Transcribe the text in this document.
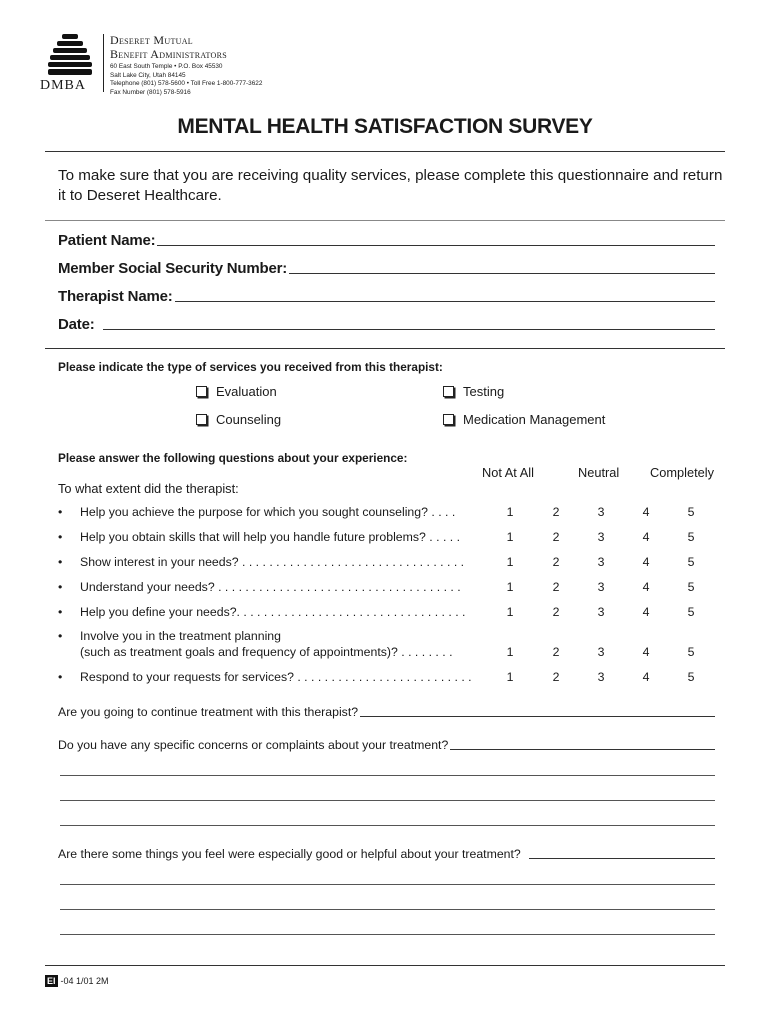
DMBA
Deseret Mutual
Benefit Administrators
60 East South Temple • P.O. Box 45530
Salt Lake City, Utah 84145
Telephone (801) 578-5600 • Toll Free 1-800-777-3622
Fax Number (801) 578-5916
MENTAL HEALTH SATISFACTION SURVEY
To make sure that you are receiving quality services, please complete this questionnaire and return it to Deseret Healthcare.
Patient Name:
Member Social Security Number:
Therapist Name:
Date:
Please indicate the type of services you received from this therapist:
Evaluation	Testing
Counseling	Medication Management
Please answer the following questions about your experience:
Not At All	Neutral Completely
To what extent did the therapist:
• Help you achieve the purpose for which you sought counseling? . . . .	1	2	3	4	5
• Help you obtain skills that will help you handle future problems? . . . . .	1	2	3	4	5
• Show interest in your needs? . . . . . . . . . . . . . . . . . . . . . . . . . . . . . . . . .	1	2	3	4	5
• Understand your needs? . . . . . . . . . . . . . . . . . . . . . . . . . . . . . . . . . . . .	1	2	3	4	5
• Help you define your needs?. . . . . . . . . . . . . . . . . . . . . . . . . . . . . . . . . .	1	2	3	4	5
• Involve you in the treatment planning
(such as treatment goals and frequency of appointments)? . . . . . . . .	1	2	3	4	5
• Respond to your requests for services? . . . . . . . . . . . . . . . . . . . . . . . . . .	1	2	3	4	5
Are you going to continue treatment with this therapist?
Do you have any specific concerns or complaints about your treatment?
Are there some things you feel were especially good or helpful about your treatment?
EI -04 1/01 2M
